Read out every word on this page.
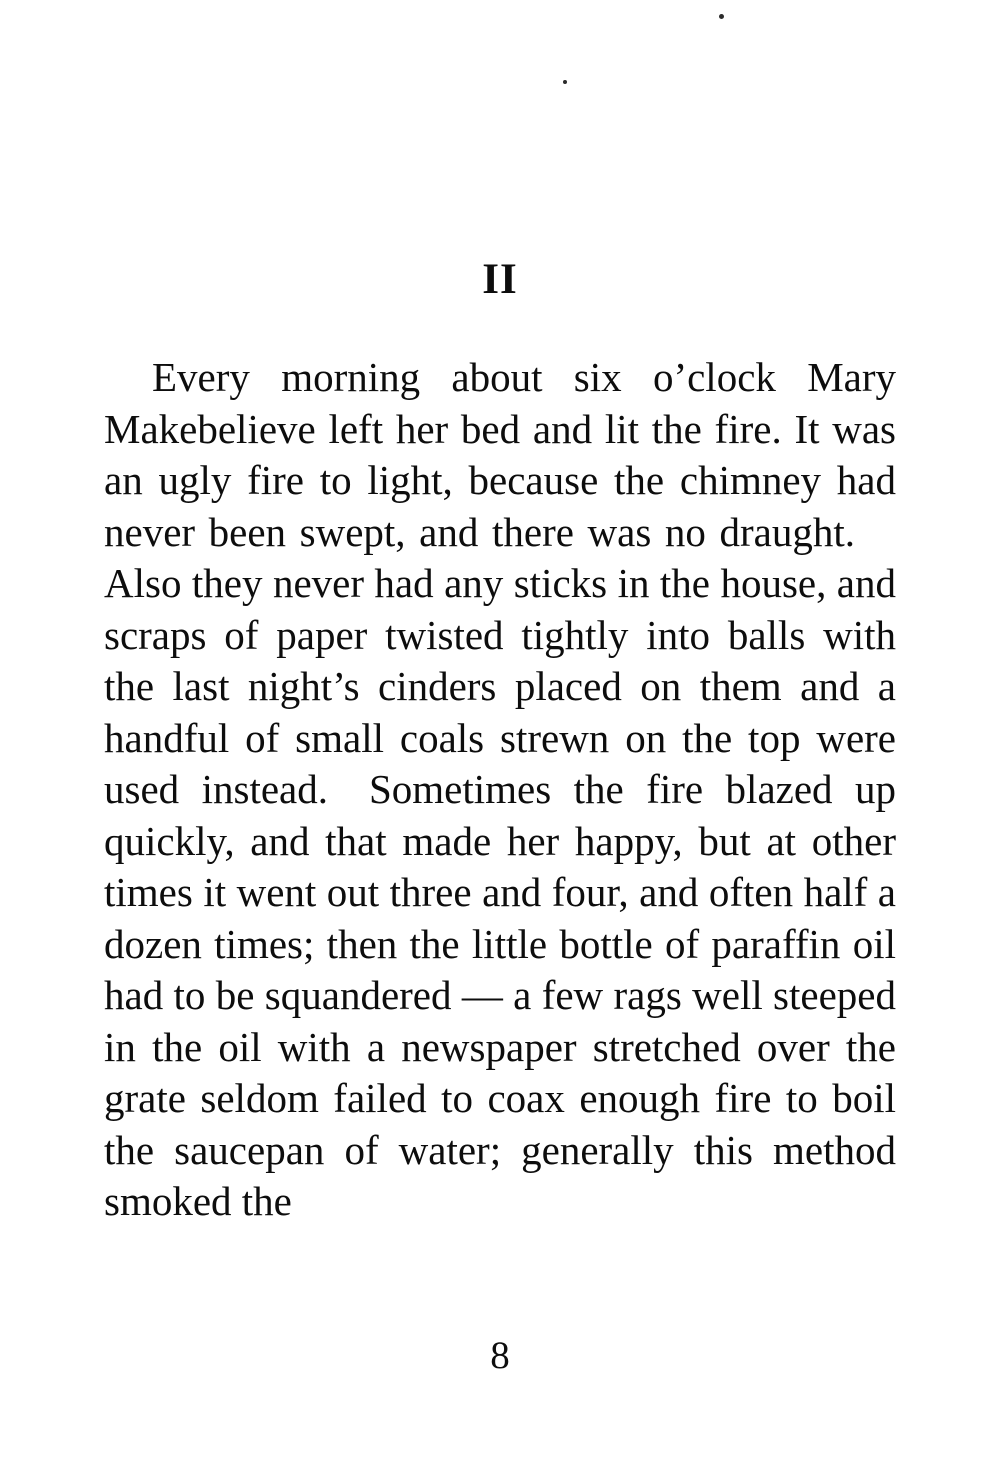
II

Every morning about six o’clock Mary Makebelieve left her bed and lit the fire. It was an ugly fire to light, because the chimney had never been swept, and there was no draught. Also they never had any sticks in the house, and scraps of paper twisted tightly into balls with the last night’s cinders placed on them and a handful of small coals strewn on the top were used instead. Sometimes the fire blazed up quickly, and that made her happy, but at other times it went out three and four, and often half a dozen times; then the little bottle of paraffin oil had to be squandered — a few rags well steeped in the oil with a newspaper stretched over the grate seldom failed to coax enough fire to boil the saucepan of water; generally this method smoked the

8
